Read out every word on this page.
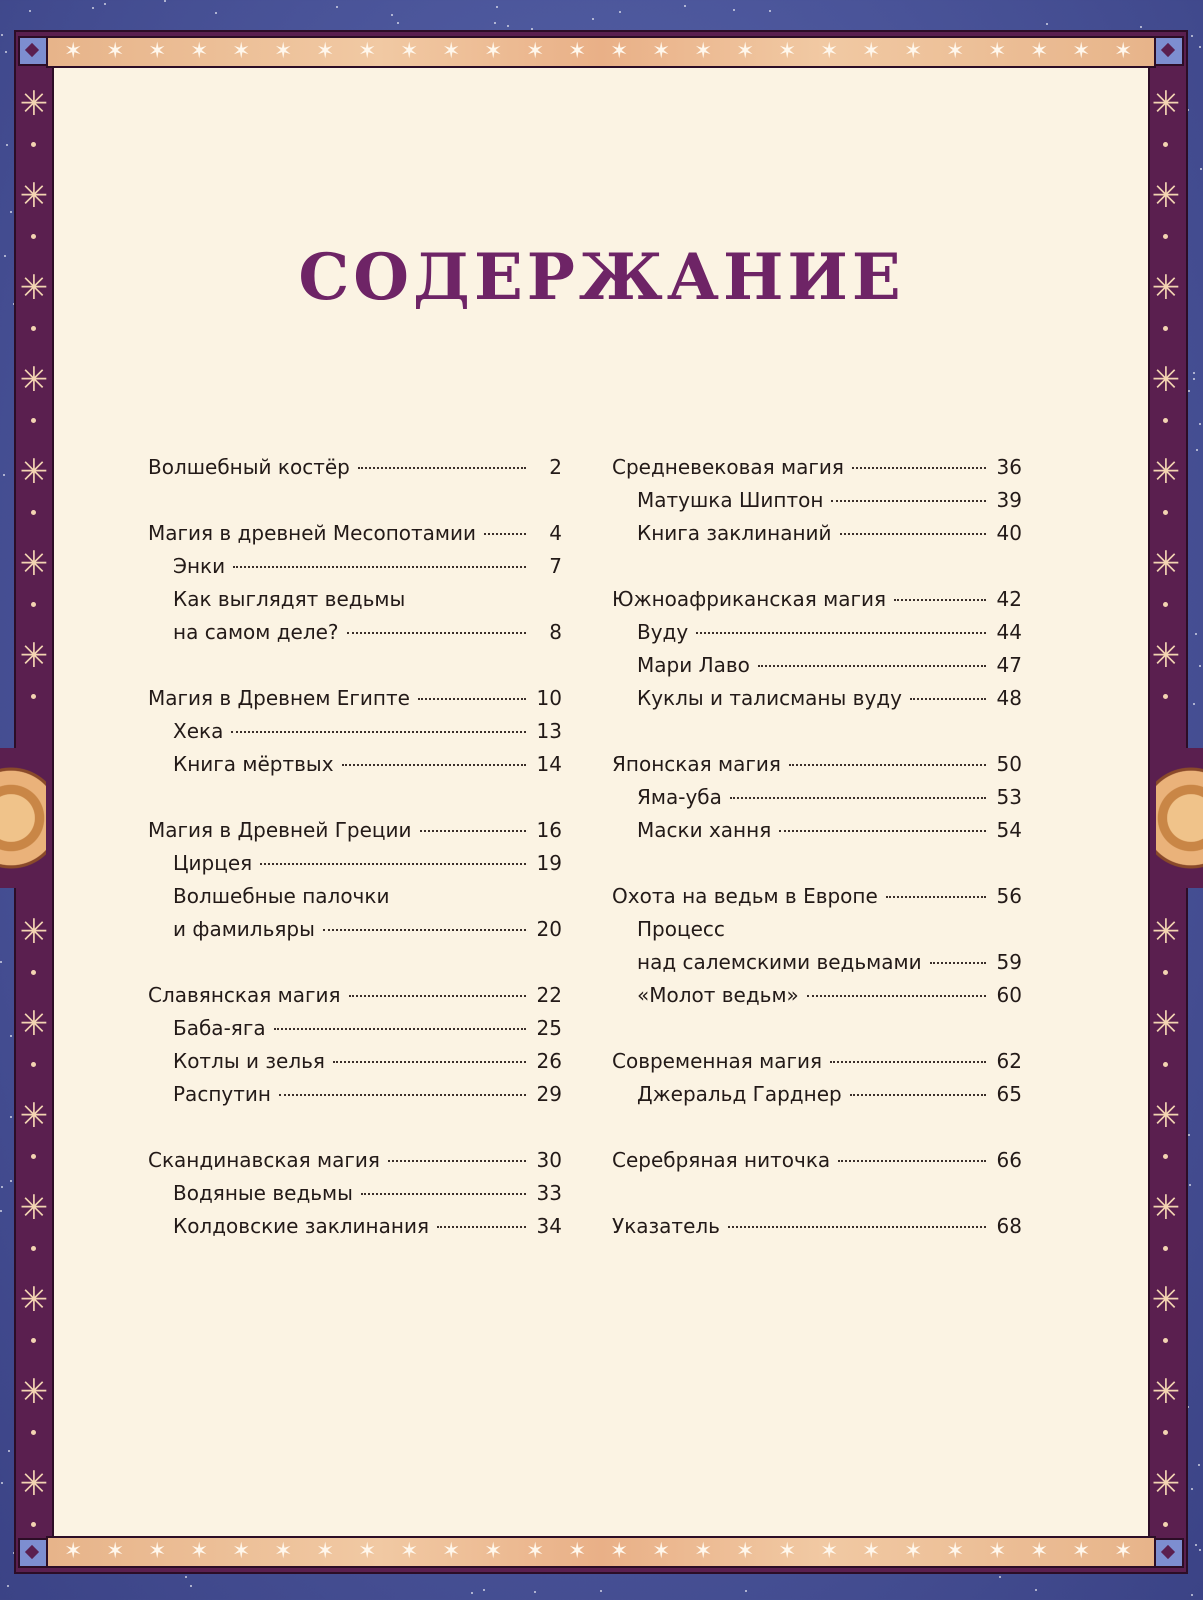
✶ ✶ ✶ ✶ ✶ ✶ ✶ ✶ ✶ ✶ ✶ ✶ ✶ ✶ ✶ ✶ ✶ ✶ ✶ ✶ ✶ ✶ ✶ ✶ ✶ ✶
✶ ✶ ✶ ✶ ✶ ✶ ✶ ✶ ✶ ✶ ✶ ✶ ✶ ✶ ✶ ✶ ✶ ✶ ✶ ✶ ✶ ✶ ✶ ✶ ✶ ✶
✳
✳
✳
✳
✳
✳
✳
✳
✳
✳
✳
✳
✳
✳
✳
✳
✳
✳
✳
✳
✳
✳
✳
✳
✳
✳
✳
✳
СОДЕРЖАНИЕ
Волшебный костёр	2
Магия в древней Месопотамии	4
Энки	7
Как выглядят ведьмы
на самом деле?	8
Магия в Древнем Египте	10
Хека	13
Книга мёртвых	14
Магия в Древней Греции	16
Цирцея	19
Волшебные палочки
и фамильяры	20
Славянская магия	22
Баба-яга	25
Котлы и зелья	26
Распутин	29
Скандинавская магия	30
Водяные ведьмы	33
Колдовские заклинания	34
Средневековая магия	36
Матушка Шиптон	39
Книга заклинаний	40
Южноафриканская магия	42
Вуду	44
Мари Лаво	47
Куклы и талисманы вуду	48
Японская магия	50
Яма-уба	53
Маски хання	54
Охота на ведьм в Европе	56
Процесс
над салемскими ведьмами	59
«Молот ведьм»	60
Современная магия	62
Джеральд Гарднер	65
Серебряная ниточка	66
Указатель	68
